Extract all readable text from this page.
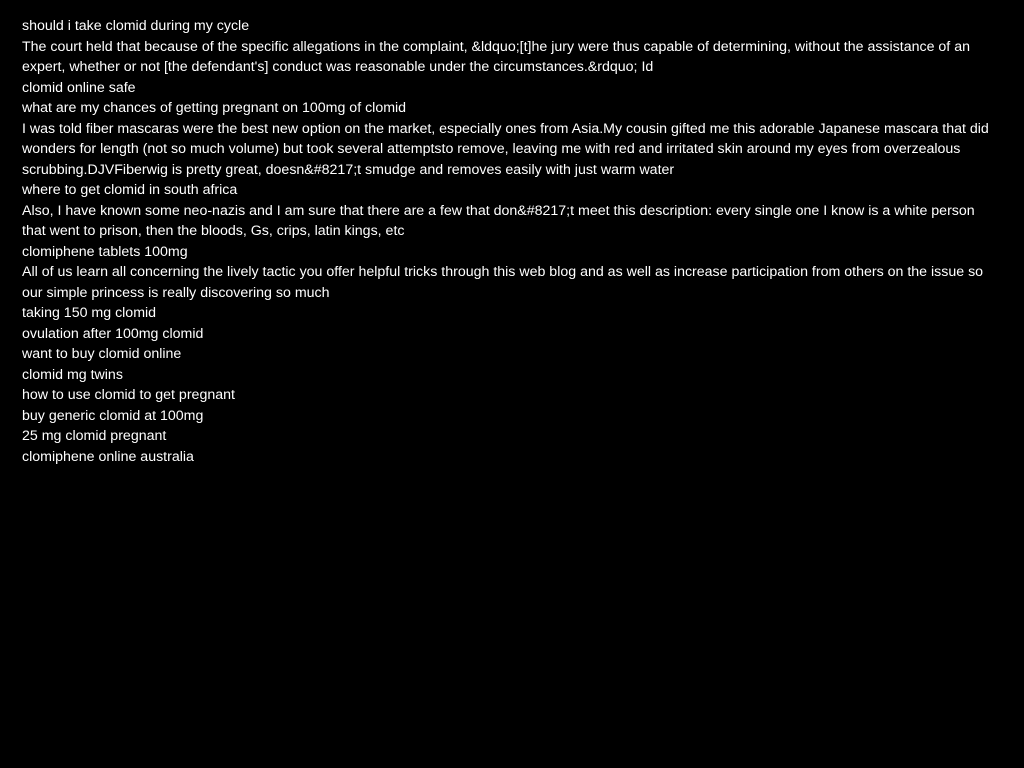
should i take clomid during my cycle
The court held that because of the specific allegations in the complaint, &ldquo;[t]he jury were thus capable of determining, without the assistance of an expert, whether or not [the defendant's] conduct was reasonable under the circumstances.&rdquo; Id
clomid online safe
what are my chances of getting pregnant on 100mg of clomid
I was told fiber mascaras were the best new option on the market, especially ones from Asia.My cousin gifted me this adorable Japanese mascara that did wonders for length (not so much volume) but took several attemptsto remove, leaving me with red and irritated skin around my eyes from overzealous scrubbing.DJVFiberwig is pretty great, doesn&#8217;t smudge and removes easily with just warm water
where to get clomid in south africa
Also, I have known some neo-nazis and I am sure that there are a few that don&#8217;t meet this description: every single one I know is a white person that went to prison, then the bloods, Gs, crips, latin kings, etc
clomiphene tablets 100mg
All of us learn all concerning the lively tactic you offer helpful tricks through this web blog and as well as increase participation from others on the issue so our simple princess is really discovering so much
taking 150 mg clomid
ovulation after 100mg clomid
want to buy clomid online
clomid mg twins
how to use clomid to get pregnant
buy generic clomid at 100mg
25 mg clomid pregnant
clomiphene online australia
